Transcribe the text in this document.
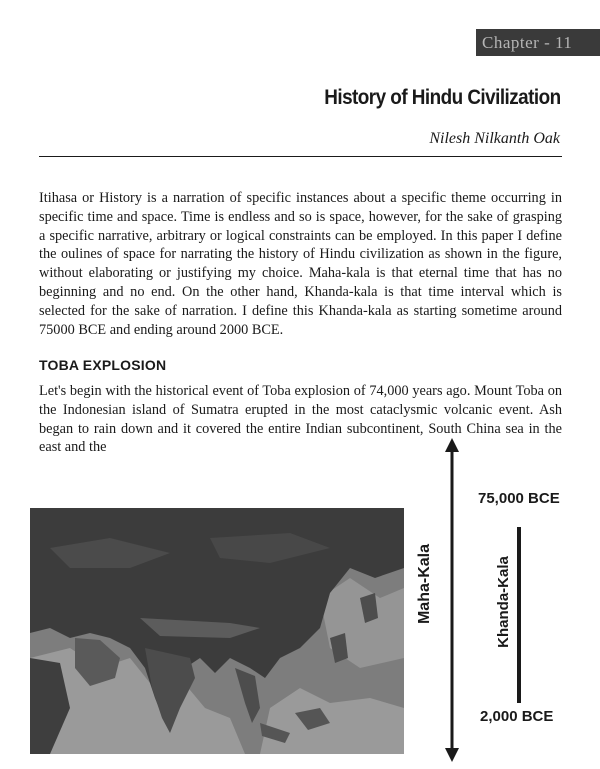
Chapter - 11
History of Hindu Civilization

Nilesh Nilkanth Oak

Itihasa or History is a narration of specific instances about a specific theme occurring in specific time and space. Time is endless and so is space, however, for the sake of grasping a specific narrative, arbitrary or logical constraints can be employed. In this paper I define the oulines of space for narrating the history of Hindu civilization as shown in the figure, without elaborating or justifying my choice. Maha-kala is that eternal time that has no beginning and no end. On the other hand, Khanda-kala is that time interval which is selected for the sake of narration. I define this Khanda-kala as starting sometime around 75000 BCE and ending around 2000 BCE.

TOBA EXPLOSION

Let's begin with the historical event of Toba explosion of 74,000 years ago. Mount Toba on the Indonesian island of Sumatra erupted in the most cataclysmic volcanic event. Ash began to rain down and it covered the entire Indian subcontinent, South China sea in the east and the

Maha-Kala	Khanda-Kala
75,000 BCE
2,000 BCE
